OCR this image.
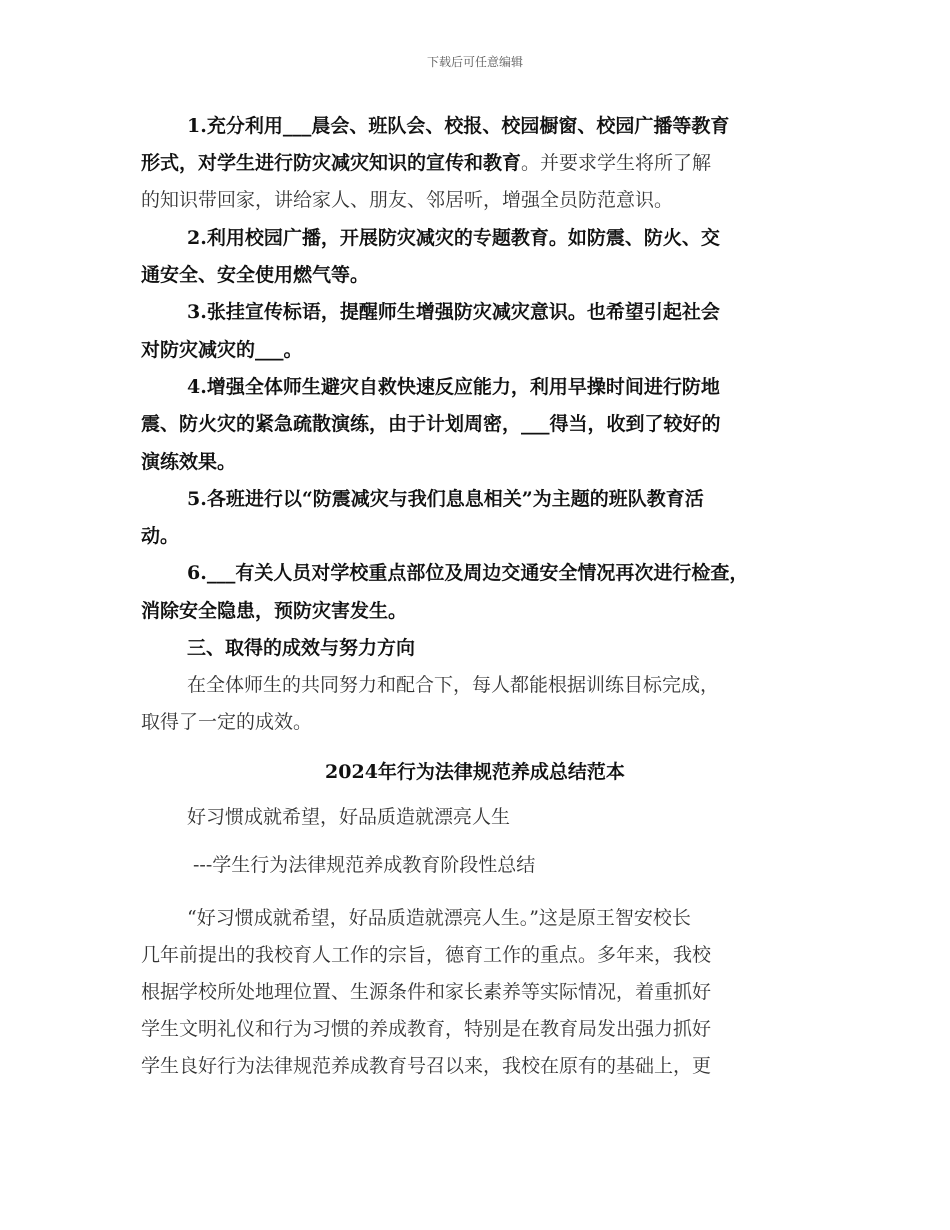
下载后可任意编辑
1.充分利用___晨会、班队会、校报、校园橱窗、校园广播等教育
形式，对学生进行防灾减灾知识的宣传和教育。并要求学生将所了解
的知识带回家，讲给家人、朋友、邻居听，增强全员防范意识。
2.利用校园广播，开展防灾减灾的专题教育。如防震、防火、交
通安全、安全使用燃气等。
3.张挂宣传标语，提醒师生增强防灾减灾意识。也希望引起社会
对防灾减灾的___。
4.增强全体师生避灾自救快速反应能力，利用早操时间进行防地
震、防火灾的紧急疏散演练，由于计划周密，___得当，收到了较好的
演练效果。
5.各班进行以“防震减灾与我们息息相关”为主题的班队教育活
动。
6.___有关人员对学校重点部位及周边交通安全情况再次进行检查，
消除安全隐患，预防灾害发生。
三、取得的成效与努力方向
在全体师生的共同努力和配合下，每人都能根据训练目标完成，
取得了一定的成效。
2024年行为法律规范养成总结范本
好习惯成就希望，好品质造就漂亮人生
---学生行为法律规范养成教育阶段性总结
“好习惯成就希望，好品质造就漂亮人生。”这是原王智安校长
几年前提出的我校育人工作的宗旨，德育工作的重点。多年来，我校
根据学校所处地理位置、生源条件和家长素养等实际情况，着重抓好
学生文明礼仪和行为习惯的养成教育，特别是在教育局发出强力抓好
学生良好行为法律规范养成教育号召以来，我校在原有的基础上，更
